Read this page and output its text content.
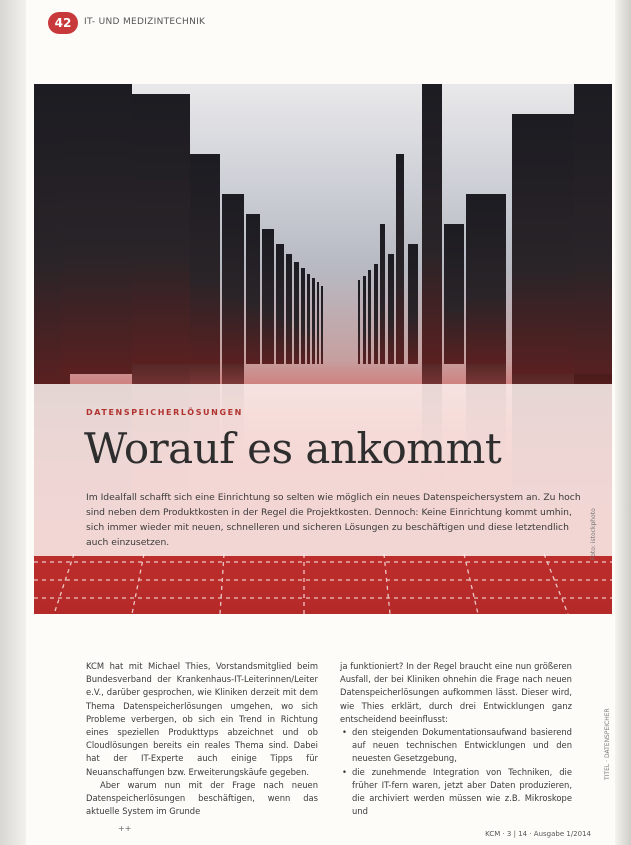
42	IT- UND MEDIZINTECHNIK
DATENSPEICHERLÖSUNGEN
Worauf es ankommt
Im Idealfall schafft sich eine Einrichtung so selten wie möglich ein neues Datenspeichersystem an. Zu hoch sind neben dem Produktkosten in der Regel die Projektkosten. Dennoch: Keine Einrichtung kommt umhin, sich immer wieder mit neuen, schnelleren und sicheren Lösungen zu beschäftigen und diese letztendlich auch einzusetzen.

KCM hat mit Michael Thies, Vorstandsmitglied beim Bundesverband der Krankenhaus-IT-Leiterinnen/Leiter e.V., darüber gesprochen, wie Kliniken derzeit mit dem Thema Datenspeicherlösungen umgehen, wo sich Probleme verbergen, ob sich ein Trend in Richtung eines speziellen Produkttyps abzeichnet und ob Cloudlösungen bereits ein reales Thema sind. Dabei hat der IT-Experte auch einige Tipps für Neuanschaffungen bzw. Erweiterungskäufe gegeben.

Aber warum nun mit der Frage nach neuen Datenspeicherlösungen beschäftigen, wenn das aktuelle System im Grunde

ja funktioniert? In der Regel braucht eine nun größeren Ausfall, der bei Kliniken ohnehin die Frage nach neuen Datenspeicherlösungen aufkommen lässt. Dieser wird, wie Thies erklärt, durch drei Entwicklungen ganz entscheidend beeinflusst:

• den steigenden Dokumentationsaufwand basierend auf neuen technischen Entwicklungen und den neuesten Gesetzgebung,
• die zunehmende Integration von Techniken, die früher IT-fern waren, jetzt aber Daten produzieren, die archiviert werden müssen wie z.B. Mikroskope und
++
KCM · 3 | 14 · Ausgabe 1/2014
Foto: istockphoto
TITEL · DATENSPEICHER
